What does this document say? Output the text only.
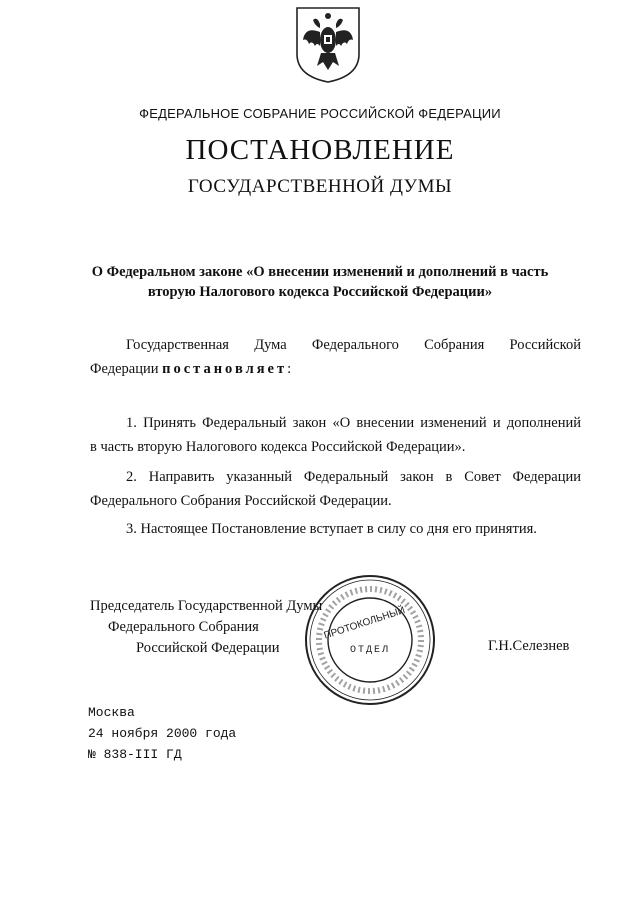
ФЕДЕРАЛЬНОЕ СОБРАНИЕ РОССИЙСКОЙ ФЕДЕРАЦИИ
ПОСТАНОВЛЕНИЕ
ГОСУДАРСТВЕННОЙ ДУМЫ
О Федеральном законе «О внесении изменений и дополнений в часть
вторую Налогового кодекса Российской Федерации»
Государственная Дума Федерального Собрания Российской
Федерации постановляет:
1. Принять Федеральный закон «О внесении изменений и дополнений
в часть вторую Налогового кодекса Российской Федерации».
2. Направить указанный Федеральный закон в Совет Федерации
Федерального Собрания Российской Федерации.
3. Настоящее Постановление вступает в силу со дня его принятия.
Председатель Государственной Думы
Федерального Собрания
Российской Федерации
ПРОТОКОЛЬНЫЙ
ОТДЕЛ	Г.Н.Селезнев
Москва
24 ноября 2000 года
№ 838-III ГД
